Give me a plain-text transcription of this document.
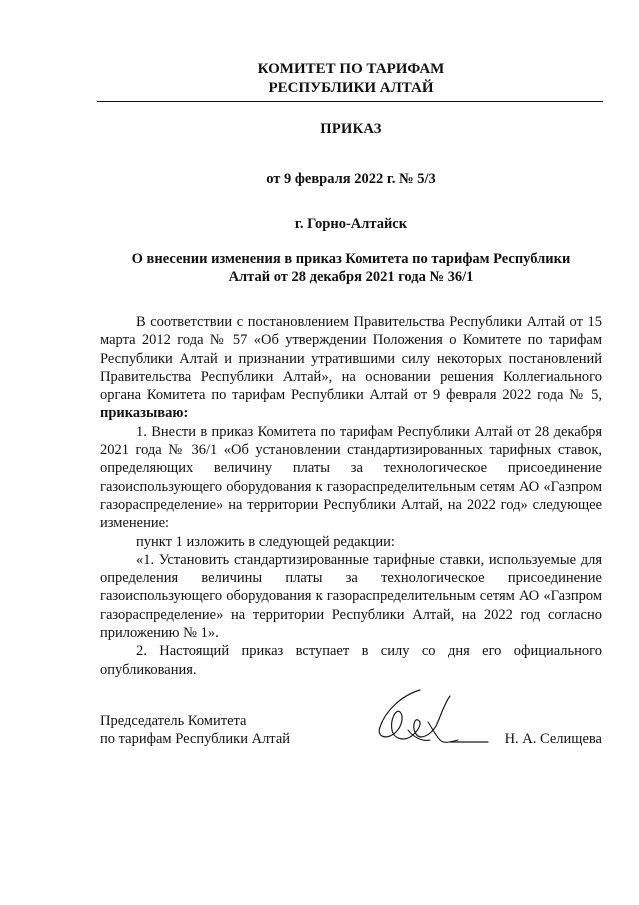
КОМИТЕТ ПО ТАРИФАМ
РЕСПУБЛИКИ АЛТАЙ
ПРИКАЗ
от 9 февраля 2022 г. № 5/3
г. Горно-Алтайск
О внесении изменения в приказ Комитета по тарифам Республики
Алтай от 28 декабря 2021 года № 36/1

В соответствии с постановлением Правительства Республики Алтай от 15 марта 2012 года № 57 «Об утверждении Положения о Комитете по тарифам Республики Алтай и признании утратившими силу некоторых постановлений Правительства Республики Алтай», на основании решения Коллегиального органа Комитета по тарифам Республики Алтай от 9 февраля 2022 года № 5, приказываю:

1. Внести в приказ Комитета по тарифам Республики Алтай от 28 декабря 2021 года № 36/1 «Об установлении стандартизированных тарифных ставок, определяющих величину платы за технологическое присоединение газоиспользующего оборудования к газораспределительным сетям АО «Газпром газораспределение» на территории Республики Алтай, на 2022 год» следующее изменение:

пункт 1 изложить в следующей редакции:

«1. Установить стандартизированные тарифные ставки, используемые для определения величины платы за технологическое присоединение газоиспользующего оборудования к газораспределительным сетям АО «Газпром газораспределение» на территории Республики Алтай, на 2022 год согласно приложению № 1».

2. Настоящий приказ вступает в силу со дня его официального опубликования.

Председатель Комитета
по тарифам Республики Алтай	Н. А. Селищева
